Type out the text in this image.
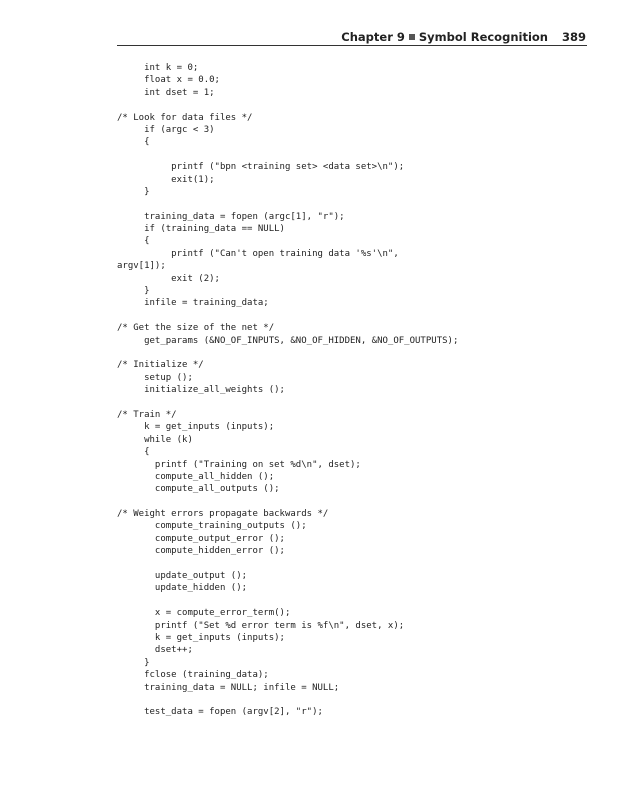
Chapter 9 Symbol Recognition 389
int k = 0;
float x = 0.0;
int dset = 1;
/* Look for data files */
if (argc < 3)
{
printf ("bpn <training set> <data set>\n");
exit(1);
}
training_data = fopen (argc[1], "r");
if (training_data == NULL)
{
printf ("Can't open training data '%s'\n",
argv[1]);
exit (2);
}
infile = training_data;
/* Get the size of the net */
get_params (&NO_OF_INPUTS, &NO_OF_HIDDEN, &NO_OF_OUTPUTS);
/* Initialize */
setup ();
initialize_all_weights ();
/* Train */
k = get_inputs (inputs);
while (k)
{
printf ("Training on set %d\n", dset);
compute_all_hidden ();
compute_all_outputs ();
/* Weight errors propagate backwards */
compute_training_outputs ();
compute_output_error ();
compute_hidden_error ();
update_output ();
update_hidden ();
x = compute_error_term();
printf ("Set %d error term is %f\n", dset, x);
k = get_inputs (inputs);
dset++;
}
fclose (training_data);
training_data = NULL; infile = NULL;
test_data = fopen (argv[2], "r");
